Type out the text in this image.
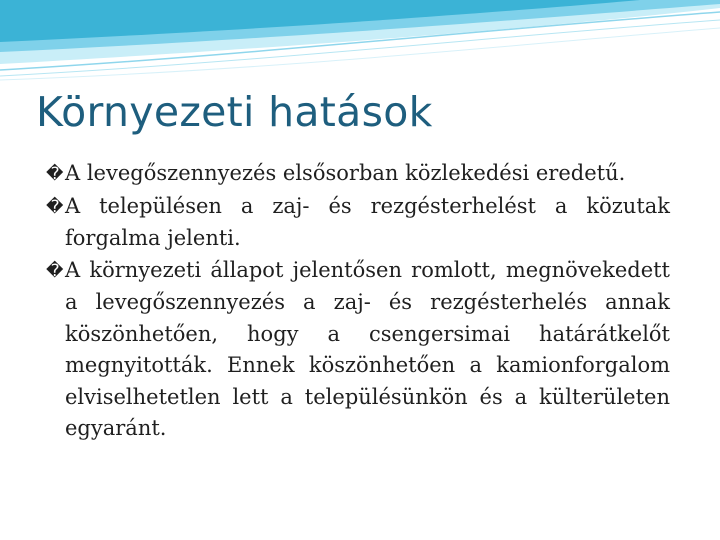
Környezeti hatások

�A levegőszennyezés elsősorban közlekedési eredetű.

�A településen a zaj- és rezgésterhelést a közutak forgalma jelenti.

�A környezeti állapot jelentősen romlott, megnövekedett a levegőszennyezés a zaj- és rezgésterhelés annak köszönhetően, hogy a csengersimai határátkelőt megnyitották. Ennek köszönhetően a kamionforgalom elviselhetetlen lett a településünkön és a külterületen egyaránt.
